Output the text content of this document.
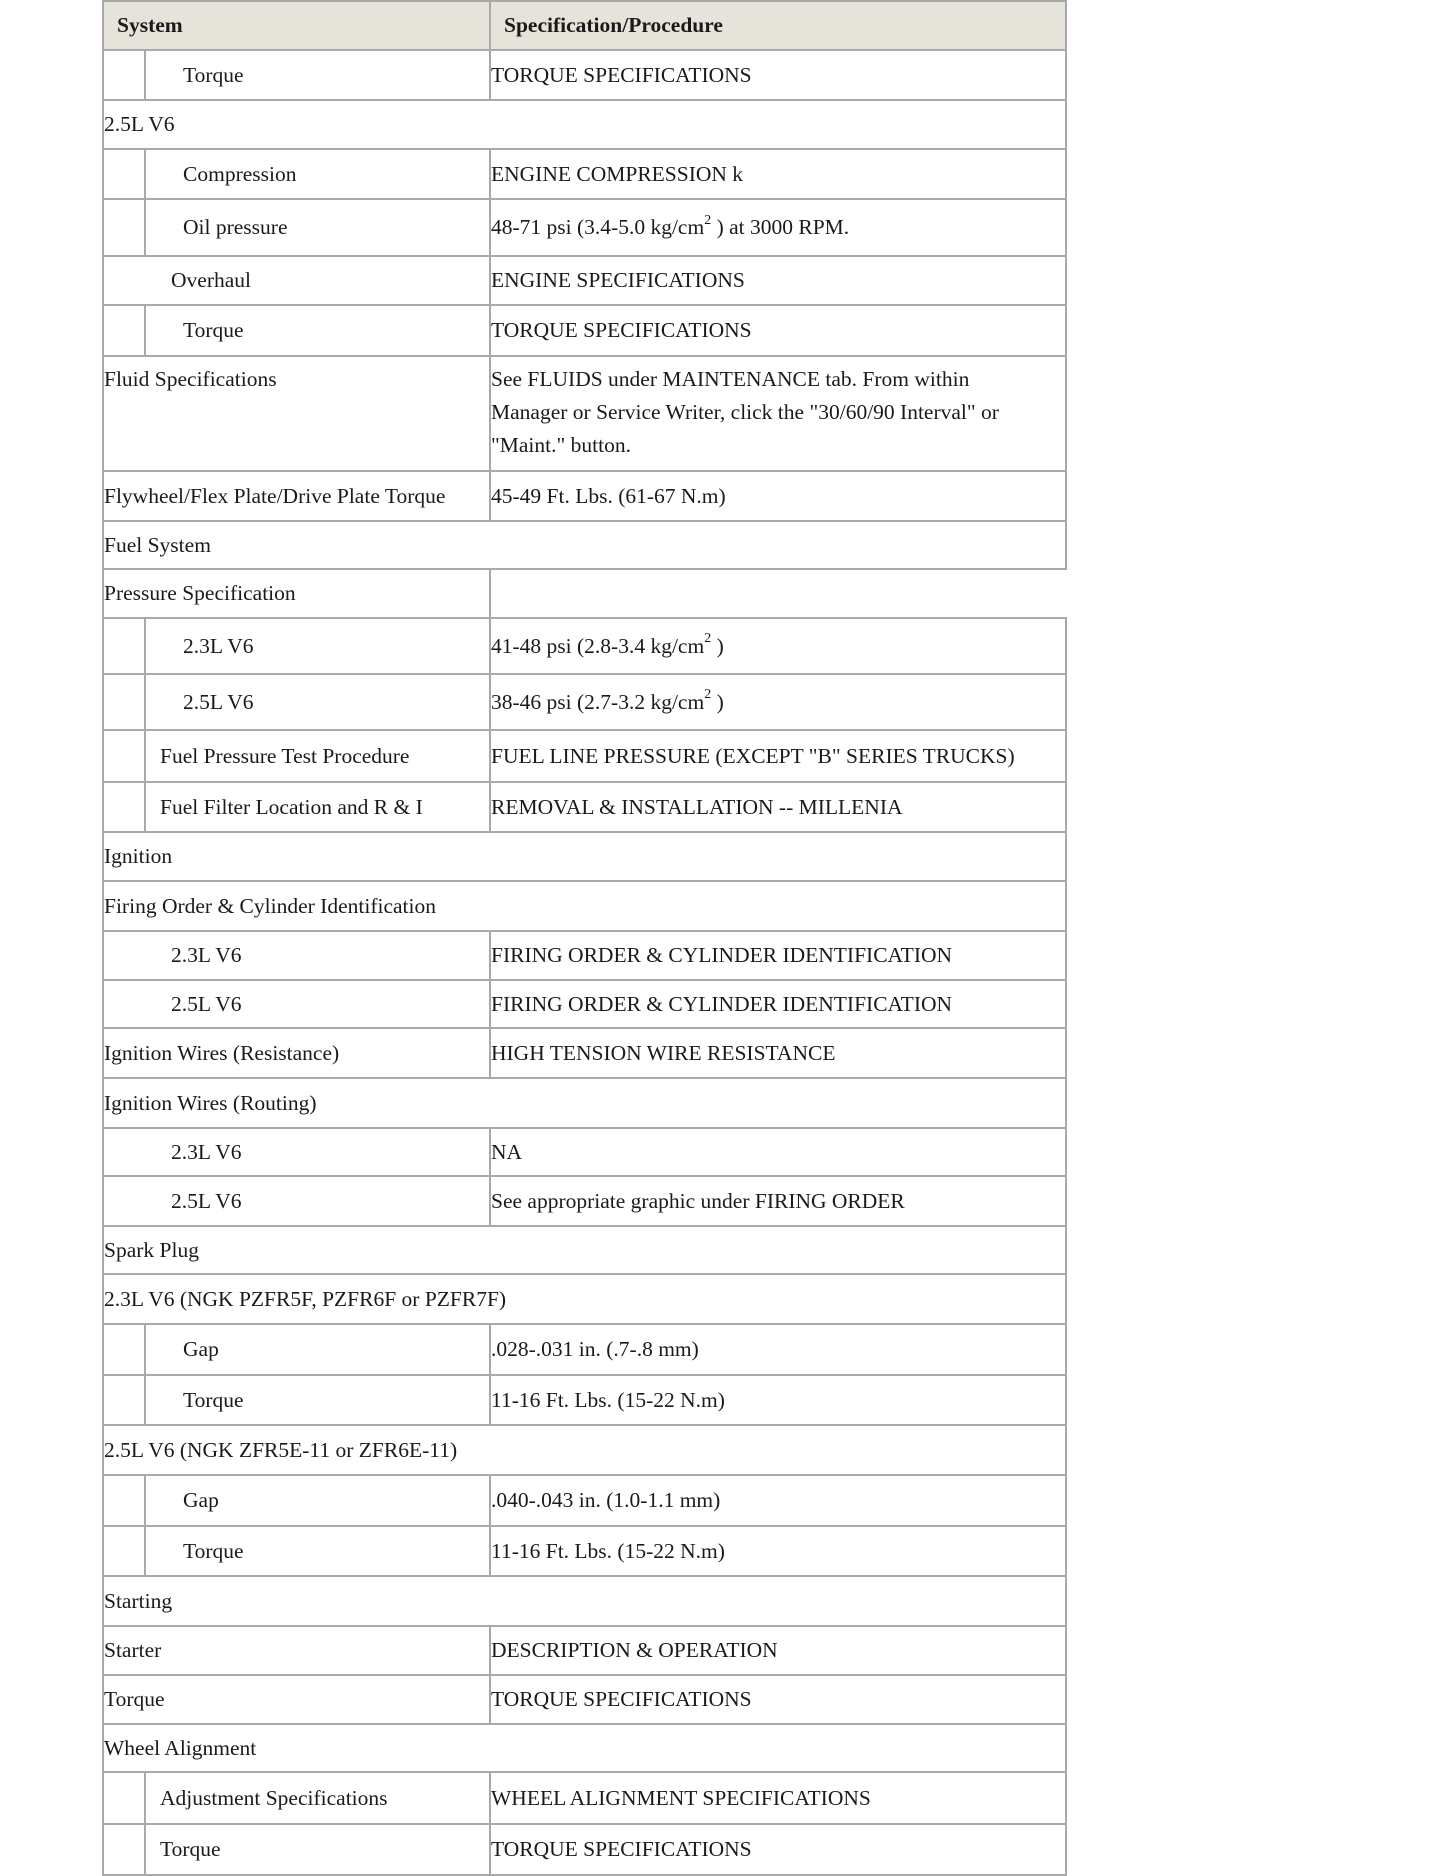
System	Specification/Procedure

Torque	TORQUE SPECIFICATIONS
2.5L V6	

Compression	ENGINE COMPRESSION k

Oil pressure	48-71 psi (3.4-5.0 $kg/cm^2$ ) at 3000 RPM.
Overhaul	ENGINE SPECIFICATIONS

Torque	TORQUE SPECIFICATIONS
Fluid Specifications	See FLUIDS under MAINTENANCE tab. From within Manager or Service Writer, click the "30/60/90 Interval" or "Maint." button.
Flywheel/Flex Plate/Drive Plate Torque	45-49 Ft. Lbs. (61-67 N.m)
Fuel System	
Pressure Specification	

2.3L V6	41-48 psi (2.8-3.4 $kg/cm^2$ )

2.5L V6	38-46 psi (2.7-3.2 $kg/cm^2$ )

Fuel Pressure Test Procedure	FUEL LINE PRESSURE (EXCEPT "B" SERIES TRUCKS)

Fuel Filter Location and R & I	REMOVAL & INSTALLATION -- MILLENIA
Ignition	
Firing Order & Cylinder Identification	
2.3L V6	FIRING ORDER & CYLINDER IDENTIFICATION
2.5L V6	FIRING ORDER & CYLINDER IDENTIFICATION
Ignition Wires (Resistance)	HIGH TENSION WIRE RESISTANCE
Ignition Wires (Routing)	
2.3L V6	NA
2.5L V6	See appropriate graphic under FIRING ORDER
Spark Plug	
2.3L V6 (NGK PZFR5F, PZFR6F or PZFR7F)	

Gap	.028-.031 in. (.7-.8 mm)

Torque	11-16 Ft. Lbs. (15-22 N.m)
2.5L V6 (NGK ZFR5E-11 or ZFR6E-11)	

Gap	.040-.043 in. (1.0-1.1 mm)

Torque	11-16 Ft. Lbs. (15-22 N.m)
Starting	
Starter	DESCRIPTION & OPERATION
Torque	TORQUE SPECIFICATIONS
Wheel Alignment	

Adjustment Specifications	WHEEL ALIGNMENT SPECIFICATIONS

Torque	TORQUE SPECIFICATIONS
